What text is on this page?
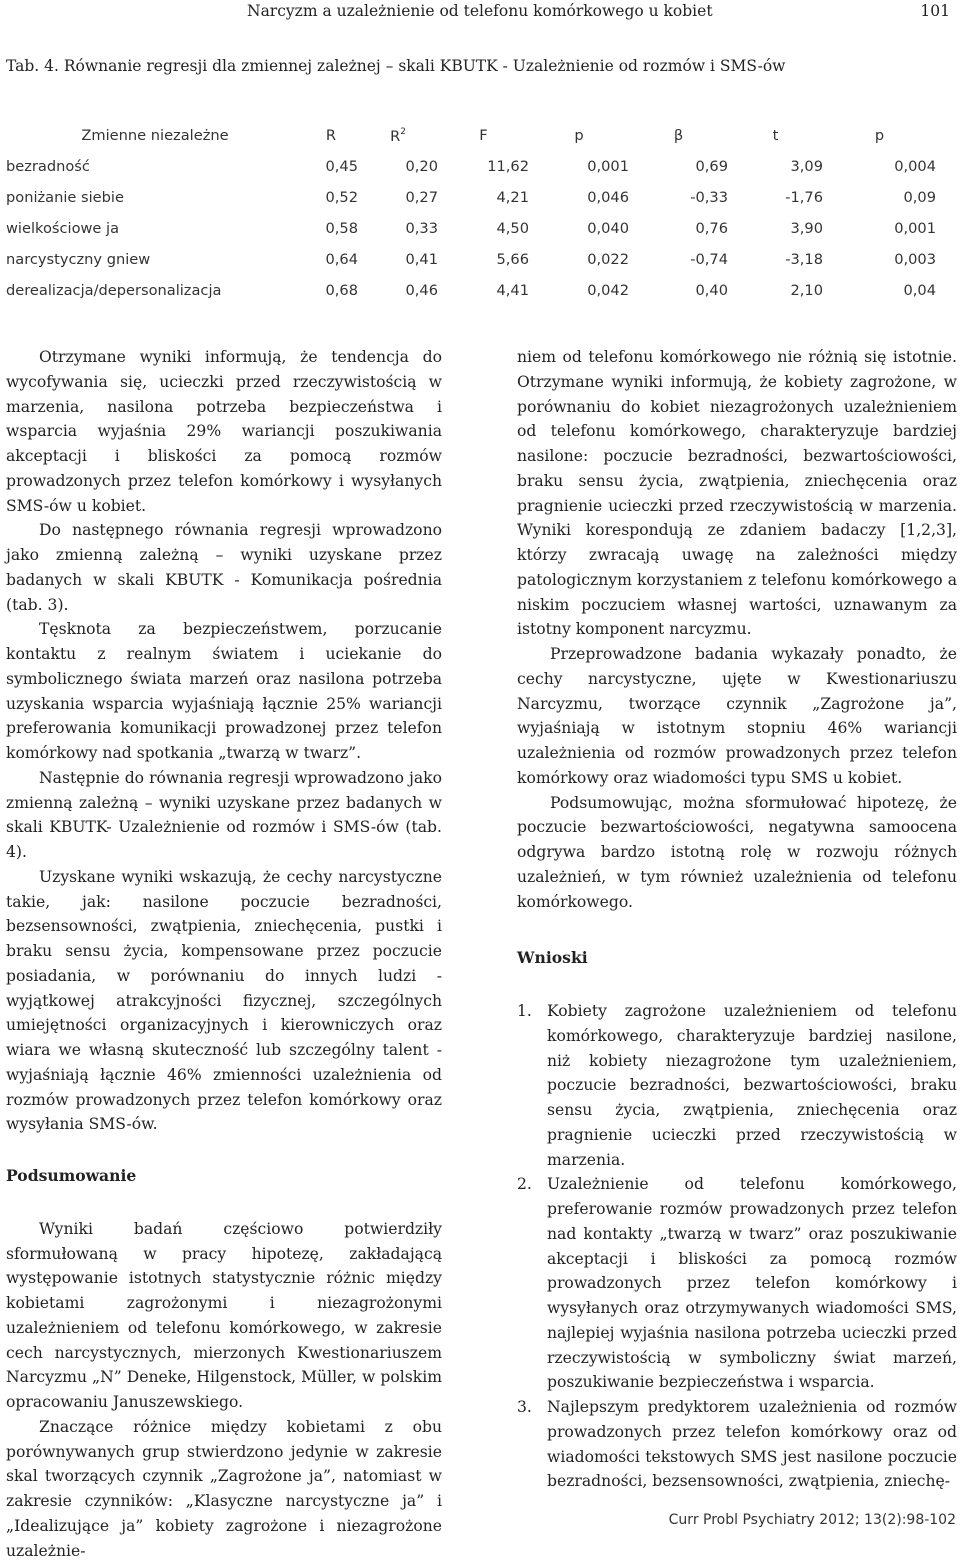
Narcyzm a uzależnienie od telefonu komórkowego u kobiet	101
Tab. 4. Równanie regresji dla zmiennej zależnej – skali KBUTK - Uzależnienie od rozmów i SMS-ów
Zmienne niezależne	R	$R^2$	F	p	β	t	p
bezradność	0,45	0,20	11,62	0,001	0,69	3,09	0,004
poniżanie siebie	0,52	0,27	4,21	0,046	-0,33	-1,76	0,09
wielkościowe ja	0,58	0,33	4,50	0,040	0,76	3,90	0,001
narcystyczny gniew	0,64	0,41	5,66	0,022	-0,74	-3,18	0,003
derealizacja/depersonalizacja	0,68	0,46	4,41	0,042	0,40	2,10	0,04

Otrzymane wyniki informują, że tendencja do wycofywania się, ucieczki przed rzeczywistością w marzenia, nasilona potrzeba bezpieczeństwa i wsparcia wyjaśnia 29% wariancji poszukiwania akceptacji i bliskości za pomocą rozmów prowadzonych przez telefon komórkowy i wysyłanych SMS-ów u kobiet.

Do następnego równania regresji wprowadzono jako zmienną zależną – wyniki uzyskane przez badanych w skali KBUTK - Komunikacja pośrednia (tab. 3).

Tęsknota za bezpieczeństwem, porzucanie kontaktu z realnym światem i uciekanie do symbolicznego świata marzeń oraz nasilona potrzeba uzyskania wsparcia wyjaśniają łącznie 25% wariancji preferowania komunikacji prowadzonej przez telefon komórkowy nad spotkania „twarzą w twarz”.

Następnie do równania regresji wprowadzono jako zmienną zależną – wyniki uzyskane przez badanych w skali KBUTK- Uzależnienie od rozmów i SMS-ów (tab. 4).

Uzyskane wyniki wskazują, że cechy narcystyczne takie, jak: nasilone poczucie bezradności, bezsensowności, zwątpienia, zniechęcenia, pustki i braku sensu życia, kompensowane przez poczucie posiadania, w porównaniu do innych ludzi - wyjątkowej atrakcyjności fizycznej, szczególnych umiejętności organizacyjnych i kierowniczych oraz wiara we własną skuteczność lub szczególny talent - wyjaśniają łącznie 46% zmienności uzależnienia od rozmów prowadzonych przez telefon komórkowy oraz wysyłania SMS-ów.

Podsumowanie

Wyniki badań częściowo potwierdziły sformułowaną w pracy hipotezę, zakładającą występowanie istotnych statystycznie różnic między kobietami zagrożonymi i niezagrożonymi uzależnieniem od telefonu komórkowego, w zakresie cech narcystycznych, mierzonych Kwestionariuszem Narcyzmu „N” Deneke, Hilgenstock, Müller, w polskim opracowaniu Januszewskiego.

Znaczące różnice między kobietami z obu porównywanych grup stwierdzono jedynie w zakresie skal tworzących czynnik „Zagrożone ja”, natomiast w zakresie czynników: „Klasyczne narcystyczne ja” i „Idealizujące ja” kobiety zagrożone i niezagrożone uzależnie-

niem od telefonu komórkowego nie różnią się istotnie. Otrzymane wyniki informują, że kobiety zagrożone, w porównaniu do kobiet niezagrożonych uzależnieniem od telefonu komórkowego, charakteryzuje bardziej nasilone: poczucie bezradności, bezwartościowości, braku sensu życia, zwątpienia, zniechęcenia oraz pragnienie ucieczki przed rzeczywistością w marzenia. Wyniki korespondują ze zdaniem badaczy [1,2,3], którzy zwracają uwagę na zależności między patologicznym korzystaniem z telefonu komórkowego a niskim poczuciem własnej wartości, uznawanym za istotny komponent narcyzmu.

Przeprowadzone badania wykazały ponadto, że cechy narcystyczne, ujęte w Kwestionariuszu Narcyzmu, tworzące czynnik „Zagrożone ja”, wyjaśniają w istotnym stopniu 46% wariancji uzależnienia od rozmów prowadzonych przez telefon komórkowy oraz wiadomości typu SMS u kobiet.

Podsumowując, można sformułować hipotezę, że poczucie bezwartościowości, negatywna samoocena odgrywa bardzo istotną rolę w rozwoju różnych uzależnień, w tym również uzależnienia od telefonu komórkowego.

Wnioski
1. Kobiety zagrożone uzależnieniem od telefonu komórkowego, charakteryzuje bardziej nasilone, niż kobiety niezagrożone tym uzależnieniem, poczucie bezradności, bezwartościowości, braku sensu życia, zwątpienia, zniechęcenia oraz pragnienie ucieczki przed rzeczywistością w marzenia.
2. Uzależnienie od telefonu komórkowego, preferowanie rozmów prowadzonych przez telefon nad kontakty „twarzą w twarz” oraz poszukiwanie akceptacji i bliskości za pomocą rozmów prowadzonych przez telefon komórkowy i wysyłanych oraz otrzymywanych wiadomości SMS, najlepiej wyjaśnia nasilona potrzeba ucieczki przed rzeczywistością w symboliczny świat marzeń, poszukiwanie bezpieczeństwa i wsparcia.
3. Najlepszym predyktorem uzależnienia od rozmów prowadzonych przez telefon komórkowy oraz od wiadomości tekstowych SMS jest nasilone poczucie bezradności, bezsensowności, zwątpienia, zniechę-
Curr Probl Psychiatry 2012; 13(2):98-102
